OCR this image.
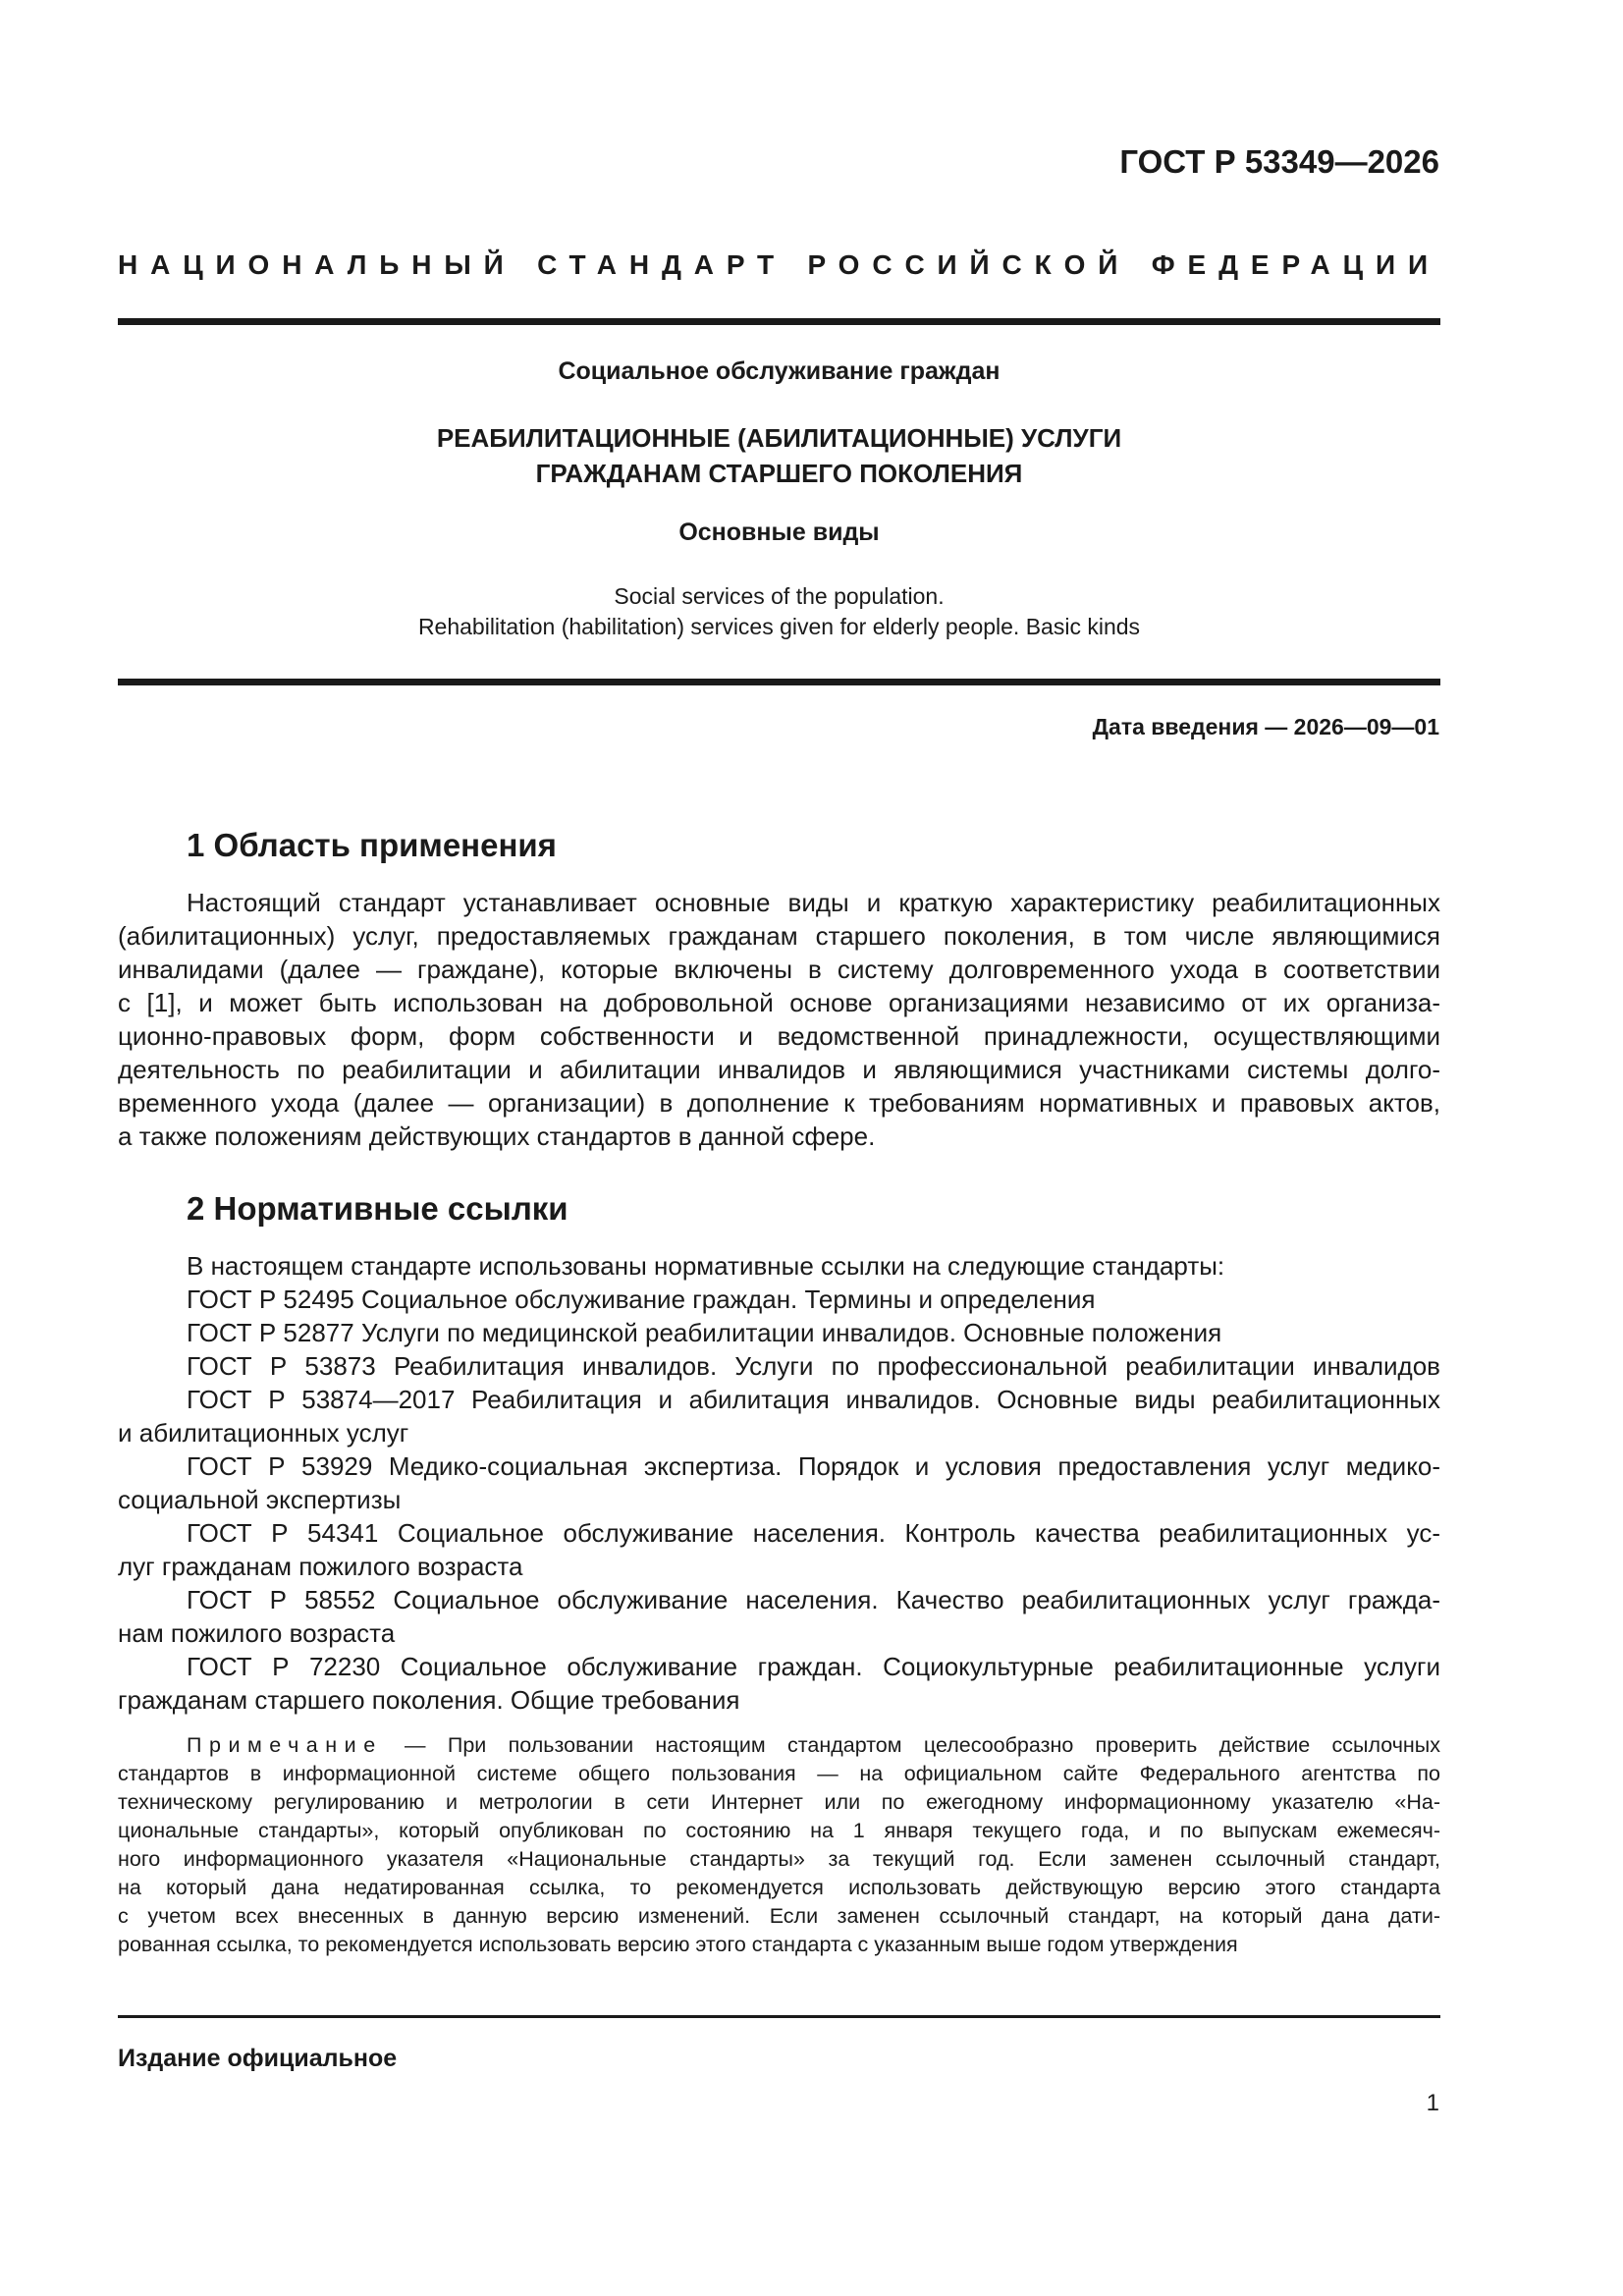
ГОСТ Р 53349—2026
НАЦИОНАЛЬНЫЙ СТАНДАРТ РОССИЙСКОЙ ФЕДЕРАЦИИ
Социальное обслуживание граждан
РЕАБИЛИТАЦИОННЫЕ (АБИЛИТАЦИОННЫЕ) УСЛУГИ
ГРАЖДАНАМ СТАРШЕГО ПОКОЛЕНИЯ
Основные виды
Social services of the population.
Rehabilitation (habilitation) services given for elderly people. Basic kinds
Дата введения — 2026—09—01
1 Область применения
Настоящий стандарт устанавливает основные виды и краткую характеристику реабилитационных
(абилитационных) услуг, предоставляемых гражданам старшего поколения, в том числе являющимися
инвалидами (далее — граждане), которые включены в систему долговременного ухода в соответствии
с [1], и может быть использован на добровольной основе организациями независимо от их организа-
ционно-правовых форм, форм собственности и ведомственной принадлежности, осуществляющими
деятельность по реабилитации и абилитации инвалидов и являющимися участниками системы долго-
временного ухода (далее — организации) в дополнение к требованиям нормативных и правовых актов,
а также положениям действующих стандартов в данной сфере.
2 Нормативные ссылки
В настоящем стандарте использованы нормативные ссылки на следующие стандарты:
ГОСТ Р 52495 Социальное обслуживание граждан. Термины и определения
ГОСТ Р 52877 Услуги по медицинской реабилитации инвалидов. Основные положения
ГОСТ Р 53873 Реабилитация инвалидов. Услуги по профессиональной реабилитации инвалидов
ГОСТ Р 53874—2017 Реабилитация и абилитация инвалидов. Основные виды реабилитационных
и абилитационных услуг
ГОСТ Р 53929 Медико-социальная экспертиза. Порядок и условия предоставления услуг медико-
социальной экспертизы
ГОСТ Р 54341 Социальное обслуживание населения. Контроль качества реабилитационных ус-
луг гражданам пожилого возраста
ГОСТ Р 58552 Социальное обслуживание населения. Качество реабилитационных услуг гражда-
нам пожилого возраста
ГОСТ Р 72230 Социальное обслуживание граждан. Социокультурные реабилитационные услуги
гражданам старшего поколения. Общие требования
Примечание — При пользовании настоящим стандартом целесообразно проверить действие ссылочных
стандартов в информационной системе общего пользования — на официальном сайте Федерального агентства по
техническому регулированию и метрологии в сети Интернет или по ежегодному информационному указателю «На-
циональные стандарты», который опубликован по состоянию на 1 января текущего года, и по выпускам ежемесяч-
ного информационного указателя «Национальные стандарты» за текущий год. Если заменен ссылочный стандарт,
на который дана недатированная ссылка, то рекомендуется использовать действующую версию этого стандарта
с учетом всех внесенных в данную версию изменений. Если заменен ссылочный стандарт, на который дана дати-
рованная ссылка, то рекомендуется использовать версию этого стандарта с указанным выше годом утверждения
Издание официальное
1
